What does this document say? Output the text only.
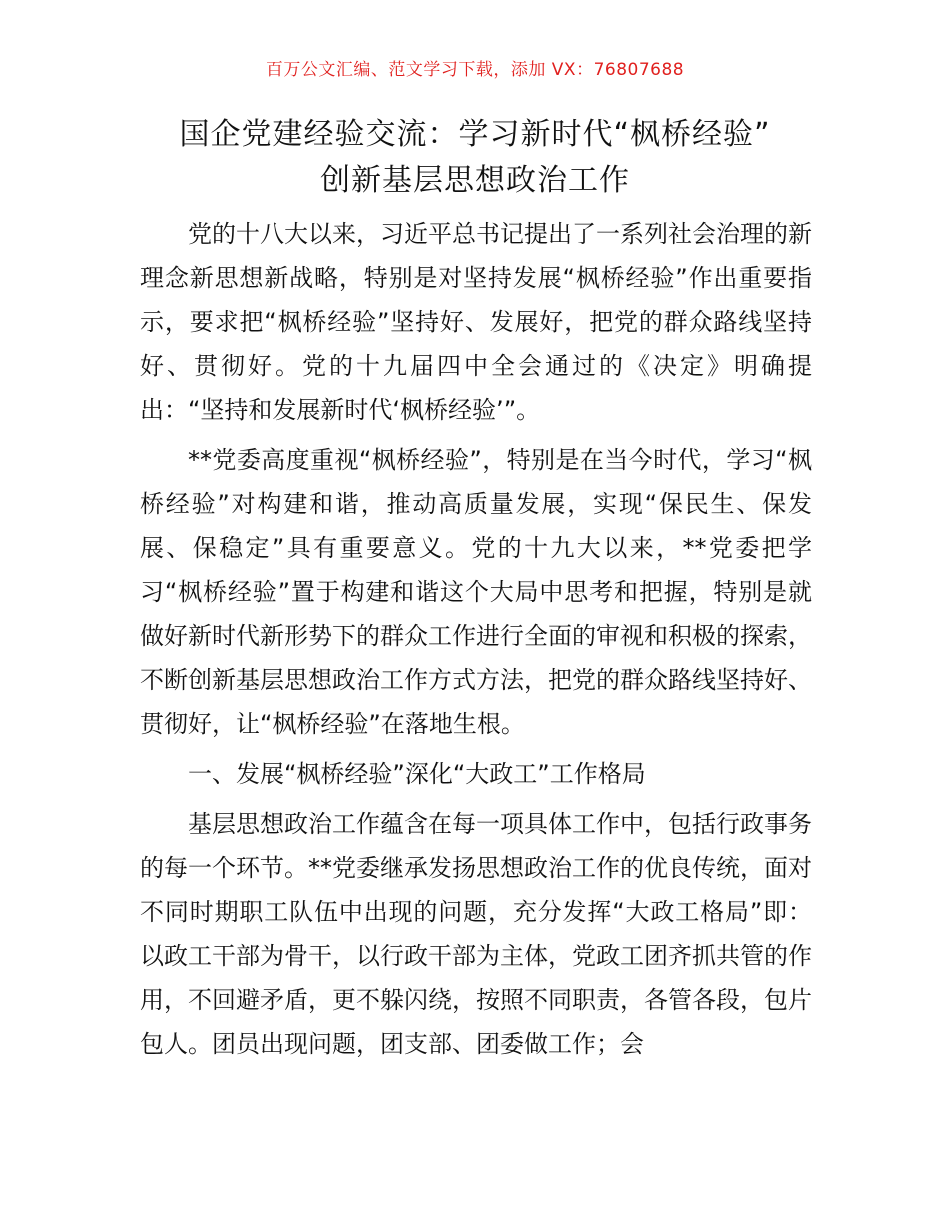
百万公文汇编、范文学习下载，添加 VX：76807688
国企党建经验交流：学习新时代“枫桥经验”
创新基层思想政治工作

党的十八大以来，习近平总书记提出了一系列社会治理的新理念新思想新战略，特别是对坚持发展“枫桥经验”作出重要指示，要求把“枫桥经验”坚持好、发展好，把党的群众路线坚持好、贯彻好。党的十九届四中全会通过的《决定》明确提出：“坚持和发展新时代‘枫桥经验’”。

**党委高度重视“枫桥经验”，特别是在当今时代，学习“枫桥经验”对构建和谐，推动高质量发展，实现“保民生、保发展、保稳定”具有重要意义。党的十九大以来，**党委把学习“枫桥经验”置于构建和谐这个大局中思考和把握，特别是就做好新时代新形势下的群众工作进行全面的审视和积极的探索，不断创新基层思想政治工作方式方法，把党的群众路线坚持好、贯彻好，让“枫桥经验”在落地生根。

一、发展“枫桥经验”深化“大政工”工作格局

基层思想政治工作蕴含在每一项具体工作中，包括行政事务的每一个环节。**党委继承发扬思想政治工作的优良传统，面对不同时期职工队伍中出现的问题，充分发挥“大政工格局”即：以政工干部为骨干，以行政干部为主体，党政工团齐抓共管的作用，不回避矛盾，更不躲闪绕，按照不同职责，各管各段，包片包人。团员出现问题，团支部、团委做工作；会
